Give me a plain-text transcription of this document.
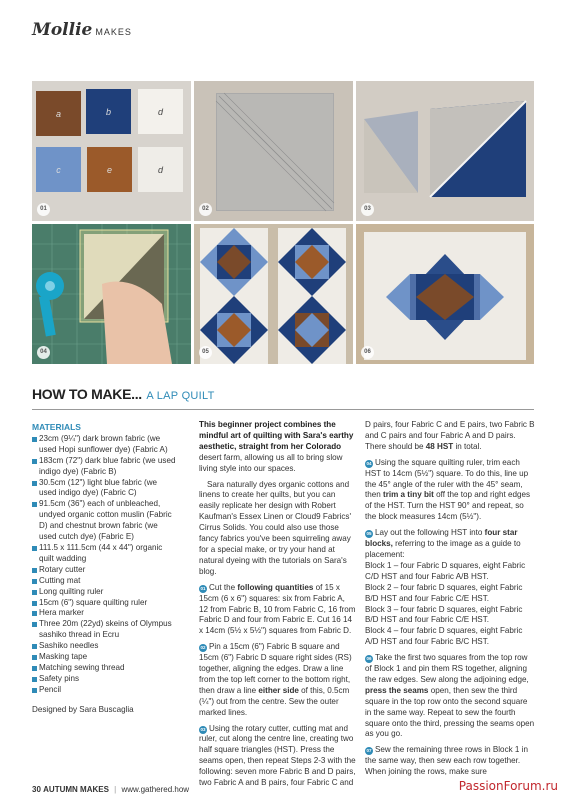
Mollie MAKES
a	b	d
c	e	d
01	02	03
04	05	06
HOW TO MAKE... A LAP QUILT
MATERIALS
23cm (9¼") dark brown fabric (we used Hopi sunflower dye) (Fabric A)
183cm (72") dark blue fabric (we used indigo dye) (Fabric B)
30.5cm (12") light blue fabric (we used indigo dye) (Fabric C)
91.5cm (36") each of unbleached, undyed organic cotton muslin (Fabric D) and chestnut brown fabric (we used cutch dye) (Fabric E)
111.5 x 111.5cm (44 x 44") organic quilt wadding
Rotary cutter
Cutting mat
Long quilting ruler
15cm (6") square quilting ruler
Hera marker
Three 20m (22yd) skeins of Olympus sashiko thread in Ecru
Sashiko needles
Masking tape
Matching sewing thread
Safety pins
Pencil
Designed by Sara Buscaglia
This beginner project combines the mindful art of quilting with Sara's earthy aesthetic, straight from her Colorado desert farm, allowing us all to bring slow living style into our spaces.
Sara naturally dyes organic cottons and linens to create her quilts, but you can easily replicate her design with Robert Kaufman's Essex Linen or Cloud9 Fabrics' Cirrus Solids. You could also use those fancy fabrics you've been squirreling away for a special make, or try your hand at natural dyeing with the tutorials on Sara's blog.
01 Cut the following quantities of 15 x 15cm (6 x 6") squares: six from Fabric A, 12 from Fabric B, 10 from Fabric C, 16 from Fabric D and four from Fabric E. Cut 16 14 x 14cm (5½ x 5½") squares from Fabric D.
02 Pin a 15cm (6") Fabric B square and 15cm (6") Fabric D square right sides (RS) together, aligning the edges. Draw a line from the top left corner to the bottom right, then draw a line either side of this, 0.5cm (¼") out from the centre. Sew the outer marked lines.
03 Using the rotary cutter, cutting mat and ruler, cut along the centre line, creating two half square triangles (HST). Press the seams open, then repeat Steps 2-3 with the following: seven more Fabric B and D pairs, two Fabric A and B pairs, four Fabric C and
D pairs, four Fabric C and E pairs, two Fabric B and C pairs and four Fabric A and D pairs. There should be 48 HST in total.
04 Using the square quilting ruler, trim each HST to 14cm (5½") square. To do this, line up the 45° angle of the ruler with the 45° seam, then trim a tiny bit off the top and right edges of the HST. Turn the HST 90° and repeat, so the block measures 14cm (5½").
05 Lay out the following HST into four star blocks, referring to the image as a guide to placement:
Block 1 – four Fabric D squares, eight Fabric C/D HST and four Fabric A/B HST.
Block 2 – four fabric D squares, eight Fabric B/D HST and four Fabric C/E HST.
Block 3 – four fabric D squares, eight Fabric B/D HST and four Fabric C/E HST.
Block 4 – four fabric D squares, eight Fabric A/D HST and four Fabric B/C HST.
06 Take the first two squares from the top row of Block 1 and pin them RS together, aligning the raw edges. Sew along the adjoining edge, press the seams open, then sew the third square in the top row onto the second square in the same way. Repeat to sew the fourth square onto the third, pressing the seams open as you go.
07 Sew the remaining three rows in Block 1 in the same way, then sew each row together. When joining the rows, make sure
30 AUTUMN MAKES | www.gathered.how	PassionForum.ru
